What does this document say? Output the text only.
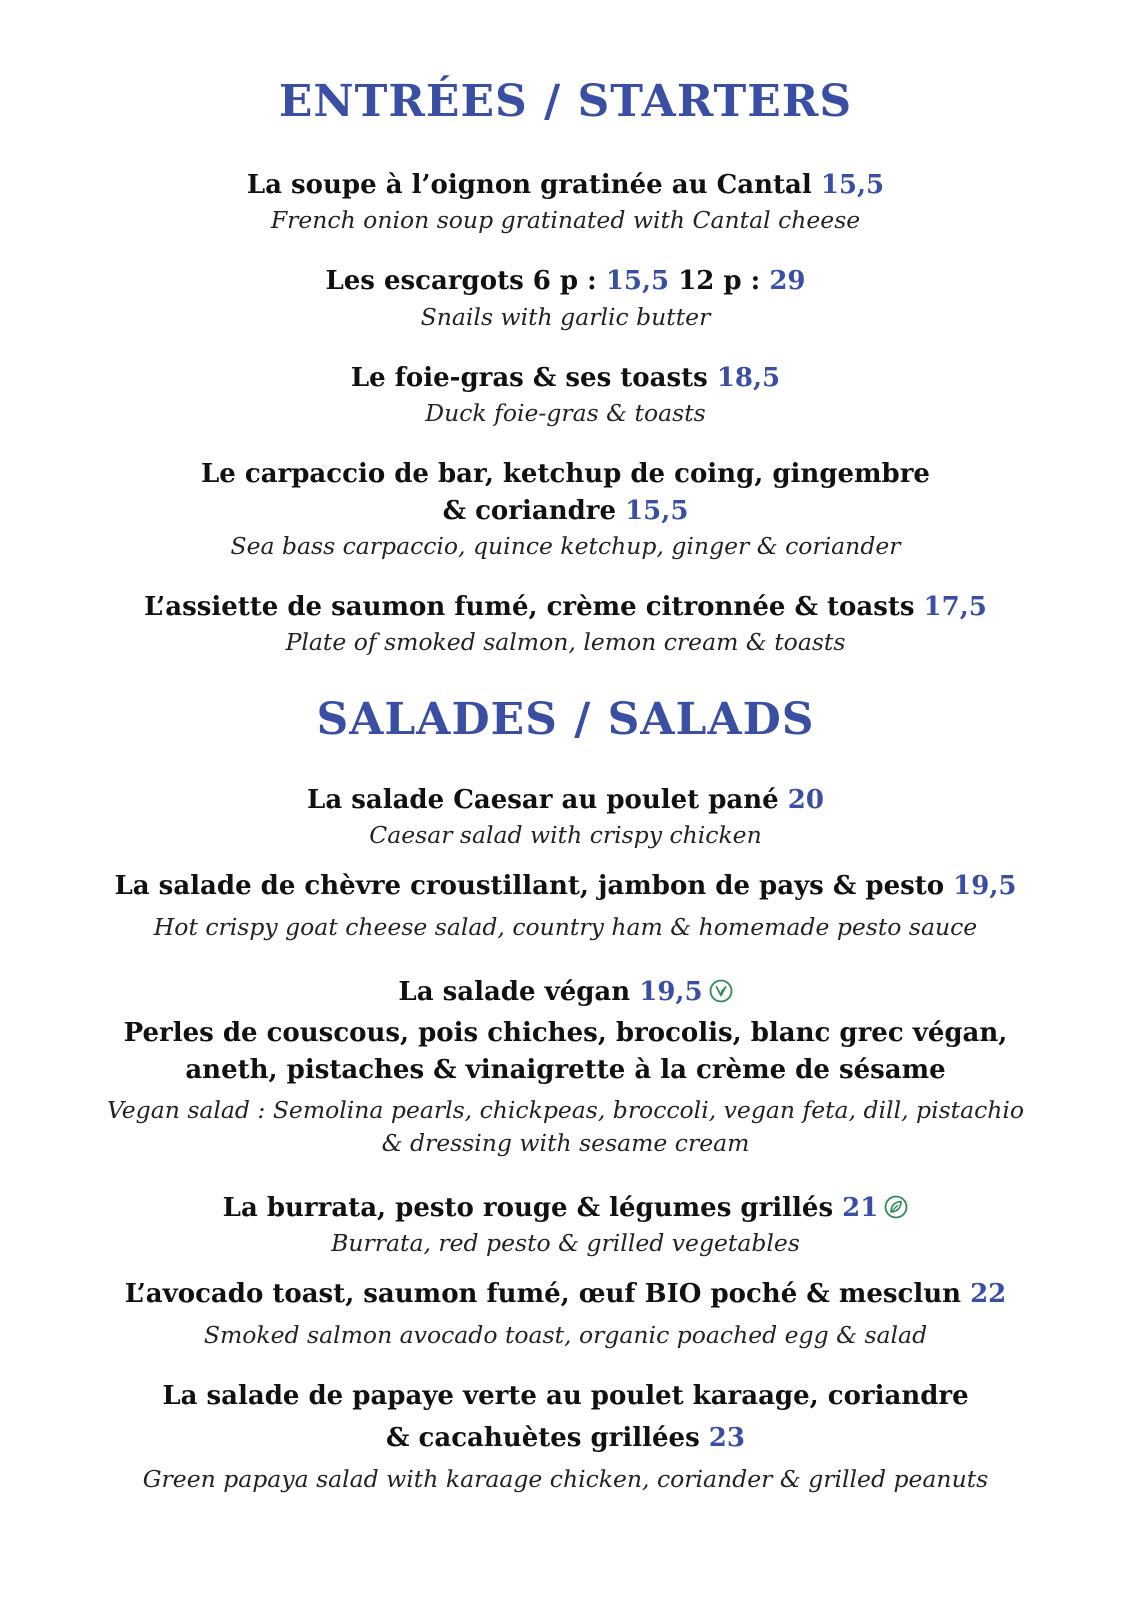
ENTRÉES / STARTERS

La soupe à l’oignon gratinée au Cantal 15,5

French onion soup gratinated with Cantal cheese

Les escargots 6 p : 15,5 12 p : 29

Snails with garlic butter

Le foie-gras & ses toasts 18,5

Duck foie-gras & toasts

Le carpaccio de bar, ketchup de coing, gingembre

& coriandre 15,5

Sea bass carpaccio, quince ketchup, ginger & coriander

L’assiette de saumon fumé, crème citronnée & toasts 17,5

Plate of smoked salmon, lemon cream & toasts

SALADES / SALADS

La salade Caesar au poulet pané 20

Caesar salad with crispy chicken

La salade de chèvre croustillant, jambon de pays & pesto 19,5

Hot crispy goat cheese salad, country ham & homemade pesto sauce

La salade végan 19,5

Perles de couscous, pois chiches, brocolis, blanc grec végan,

aneth, pistaches & vinaigrette à la crème de sésame

Vegan salad : Semolina pearls, chickpeas, broccoli, vegan feta, dill, pistachio

& dressing with sesame cream

La burrata, pesto rouge & légumes grillés 21

Burrata, red pesto & grilled vegetables

L’avocado toast, saumon fumé, œuf BIO poché & mesclun 22

Smoked salmon avocado toast, organic poached egg & salad

La salade de papaye verte au poulet karaage, coriandre

& cacahuètes grillées 23

Green papaya salad with karaage chicken, coriander & grilled peanuts
